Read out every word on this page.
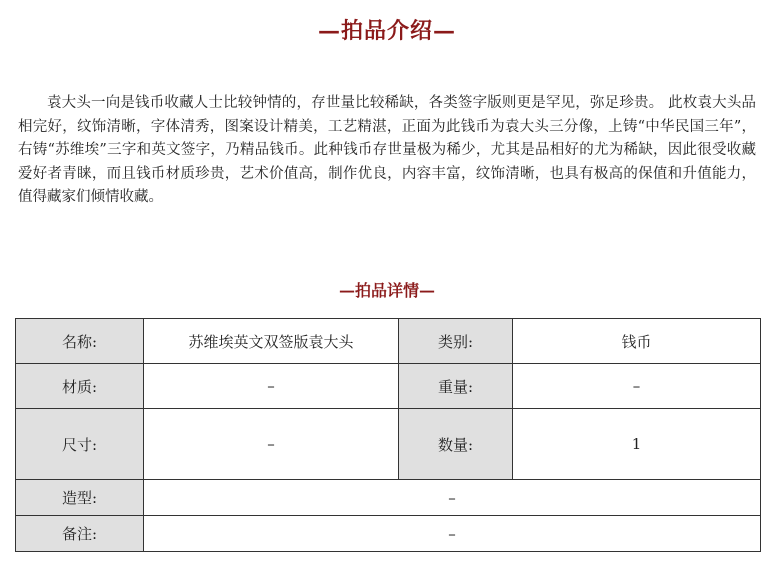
—拍品介绍—

袁大头一向是钱币收藏人士比较钟情的，存世量比较稀缺，各类签字版则更是罕见，弥足珍贵。 此枚袁大头品相完好，纹饰清晰，字体清秀，图案设计精美，工艺精湛，正面为此钱币为袁大头三分像，上铸“中华民国三年”，右铸“苏维埃”三字和英文签字，乃精品钱币。此种钱币存世量极为稀少，尤其是品相好的尤为稀缺，因此很受收藏爱好者青睐，而且钱币材质珍贵，艺术价值高，制作优良，内容丰富，纹饰清晰，也具有极高的保值和升值能力，值得藏家们倾情收藏。

—拍品详情—
名称:	苏维埃英文双签版袁大头	类别:	钱币
材质:	–	重量:	–
尺寸:	–	数量:	1
造型:	–		
备注:	–		
